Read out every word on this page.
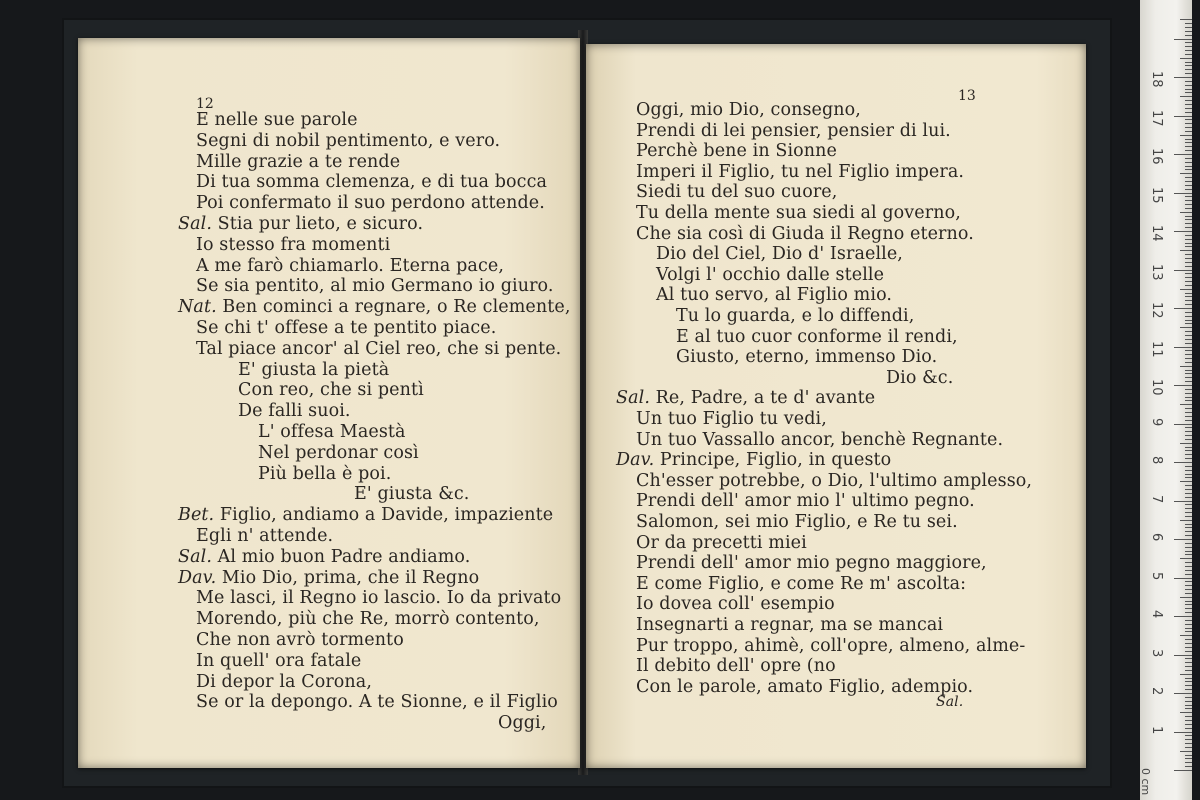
12
E nelle sue parole
Segni di nobil pentimento, e vero.
Mille grazie a te rende
Di tua somma clemenza, e di tua bocca
Poi confermato il suo perdono attende.
Sal. Stia pur lieto, e sicuro.
Io stesso fra momenti
A me farò chiamarlo. Eterna pace,
Se sia pentito, al mio Germano io giuro.
Nat. Ben cominci a regnare, o Re clemente,
Se chi t' offese a te pentito piace.
Tal piace ancor' al Ciel reo, che si pente.
E' giusta la pietà
Con reo, che si pentì
De falli suoi.
L' offesa Maestà
Nel perdonar così
Più bella è poi.
E' giusta &c.
Bet. Figlio, andiamo a Davide, impaziente
Egli n' attende.
Sal. Al mio buon Padre andiamo.
Dav. Mio Dio, prima, che il Regno
Me lasci, il Regno io lascio. Io da privato
Morendo, più che Re, morrò contento,
Che non avrò tormento
In quell' ora fatale
Di depor la Corona,
Se or la depongo. A te Sionne, e il Figlio
Oggi,
13
Oggi, mio Dio, consegno,
Prendi di lei pensier, pensier di lui.
Perchè bene in Sionne
Imperi il Figlio, tu nel Figlio impera.
Siedi tu del suo cuore,
Tu della mente sua siedi al governo,
Che sia così di Giuda il Regno eterno.
Dio del Ciel, Dio d' Israelle,
Volgi l' occhio dalle stelle
Al tuo servo, al Figlio mio.
Tu lo guarda, e lo diffendi,
E al tuo cuor conforme il rendi,
Giusto, eterno, immenso Dio.
Dio &c.
Sal. Re, Padre, a te d' avante
Un tuo Figlio tu vedi,
Un tuo Vassallo ancor, benchè Regnante.
Dav. Principe, Figlio, in questo
Ch'esser potrebbe, o Dio, l'ultimo amplesso,
Prendi dell' amor mio l' ultimo pegno.
Salomon, sei mio Figlio, e Re tu sei.
Or da precetti miei
Prendi dell' amor mio pegno maggiore,
E come Figlio, e come Re m' ascolta:
Io dovea coll' esempio
Insegnarti a regnar, ma se mancai
Pur troppo, ahimè, coll'opre, almeno, alme-
Il debito dell' opre (no
Con le parole, amato Figlio, adempio.
Sal.
1
2
3
4
5
6
7
8
9
10
11
12
13
14
15
16
17
18
0 cm
